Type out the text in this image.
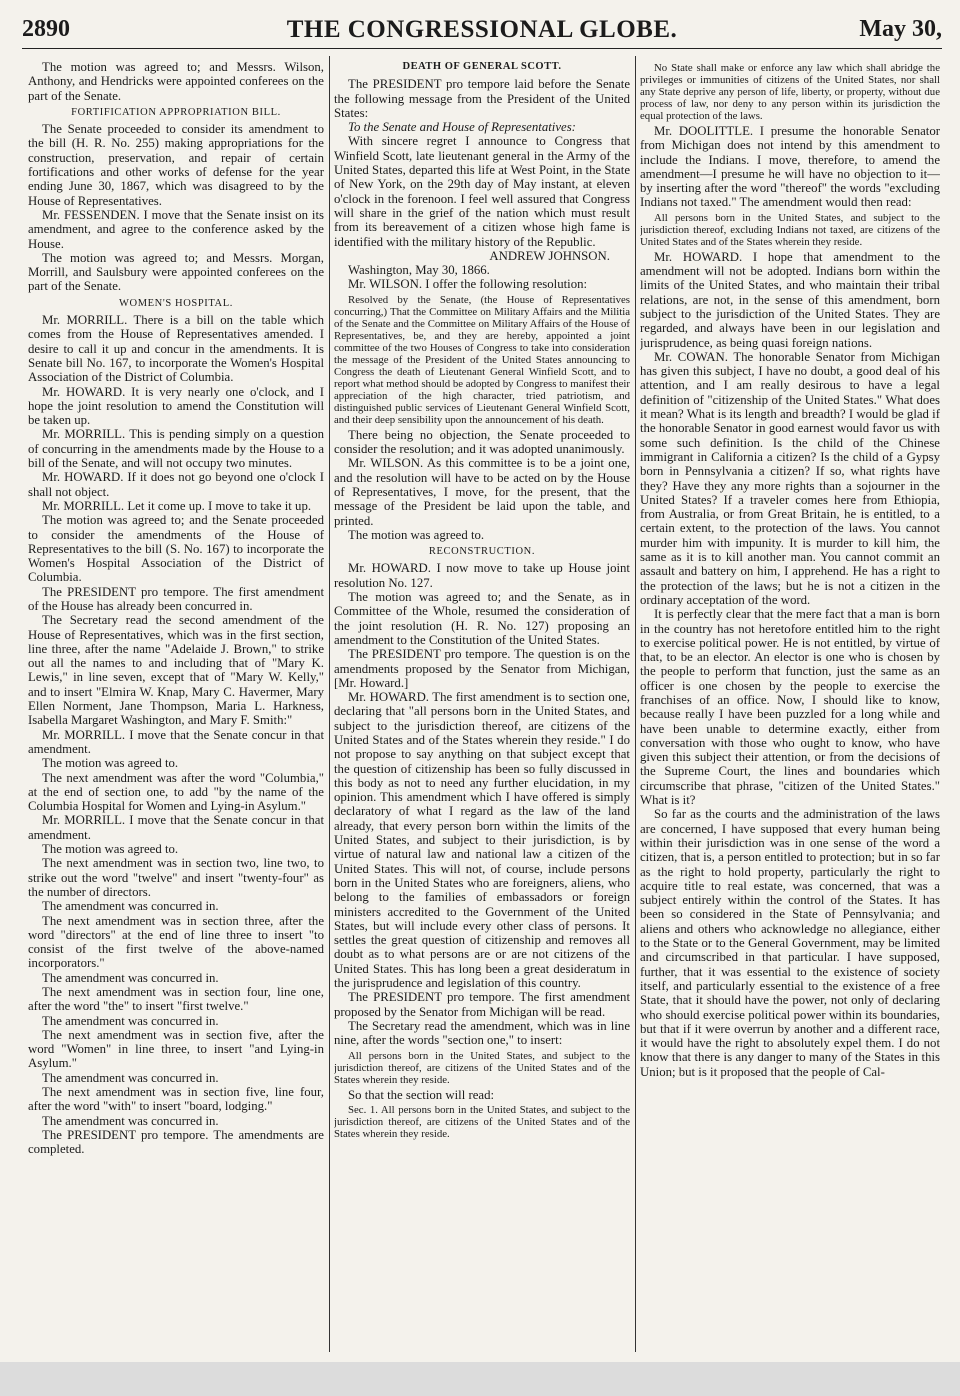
2890	THE CONGRESSIONAL GLOBE.	May 30,

The motion was agreed to; and Messrs. Wilson, Anthony, and Hendricks were appointed conferees on the part of the Senate.

FORTIFICATION APPROPRIATION BILL.

The Senate proceeded to consider its amendment to the bill (H. R. No. 255) making appropriations for the construction, preservation, and repair of certain fortifications and other works of defense for the year ending June 30, 1867, which was disagreed to by the House of Representatives.

Mr. FESSENDEN. I move that the Senate insist on its amendment, and agree to the conference asked by the House.

The motion was agreed to; and Messrs. Morgan, Morrill, and Saulsbury were appointed conferees on the part of the Senate.

WOMEN'S HOSPITAL.

Mr. MORRILL. There is a bill on the table which comes from the House of Representatives amended. I desire to call it up and concur in the amendments. It is Senate bill No. 167, to incorporate the Women's Hospital Association of the District of Columbia.

Mr. HOWARD. It is very nearly one o'clock, and I hope the joint resolution to amend the Constitution will be taken up.

Mr. MORRILL. This is pending simply on a question of concurring in the amendments made by the House to a bill of the Senate, and will not occupy two minutes.

Mr. HOWARD. If it does not go beyond one o'clock I shall not object.

Mr. MORRILL. Let it come up. I move to take it up.

The motion was agreed to; and the Senate proceeded to consider the amendments of the House of Representatives to the bill (S. No. 167) to incorporate the Women's Hospital Association of the District of Columbia.

The PRESIDENT pro tempore. The first amendment of the House has already been concurred in.

The Secretary read the second amendment of the House of Representatives, which was in the first section, line three, after the name "Adelaide J. Brown," to strike out all the names to and including that of "Mary K. Lewis," in line seven, except that of "Mary W. Kelly," and to insert "Elmira W. Knap, Mary C. Havermer, Mary Ellen Norment, Jane Thompson, Maria L. Harkness, Isabella Margaret Washington, and Mary F. Smith:"

Mr. MORRILL. I move that the Senate concur in that amendment.

The motion was agreed to.

The next amendment was after the word "Columbia," at the end of section one, to add "by the name of the Columbia Hospital for Women and Lying-in Asylum."

Mr. MORRILL. I move that the Senate concur in that amendment.

The motion was agreed to.

The next amendment was in section two, line two, to strike out the word "twelve" and insert "twenty-four" as the number of directors.

The amendment was concurred in.

The next amendment was in section three, after the word "directors" at the end of line three to insert "to consist of the first twelve of the above-named incorporators."

The amendment was concurred in.

The next amendment was in section four, line one, after the word "the" to insert "first twelve."

The amendment was concurred in.

The next amendment was in section five, after the word "Women" in line three, to insert "and Lying-in Asylum."

The amendment was concurred in.

The next amendment was in section five, line four, after the word "with" to insert "board, lodging."

The amendment was concurred in.

The PRESIDENT pro tempore. The amendments are completed.

DEATH OF GENERAL SCOTT.

The PRESIDENT pro tempore laid before the Senate the following message from the President of the United States:

To the Senate and House of Representatives:

With sincere regret I announce to Congress that Winfield Scott, late lieutenant general in the Army of the United States, departed this life at West Point, in the State of New York, on the 29th day of May instant, at eleven o'clock in the forenoon. I feel well assured that Congress will share in the grief of the nation which must result from its bereavement of a citizen whose high fame is identified with the military history of the Republic.

ANDREW JOHNSON.

Washington, May 30, 1866.

Mr. WILSON. I offer the following resolution:

Resolved by the Senate, (the House of Representatives concurring,) That the Committee on Military Affairs and the Militia of the Senate and the Committee on Military Affairs of the House of Representatives, be, and they are hereby, appointed a joint committee of the two Houses of Congress to take into consideration the message of the President of the United States announcing to Congress the death of Lieutenant General Winfield Scott, and to report what method should be adopted by Congress to manifest their appreciation of the high character, tried patriotism, and distinguished public services of Lieutenant General Winfield Scott, and their deep sensibility upon the announcement of his death.

There being no objection, the Senate proceeded to consider the resolution; and it was adopted unanimously.

Mr. WILSON. As this committee is to be a joint one, and the resolution will have to be acted on by the House of Representatives, I move, for the present, that the message of the President be laid upon the table, and printed.

The motion was agreed to.

RECONSTRUCTION.

Mr. HOWARD. I now move to take up House joint resolution No. 127.

The motion was agreed to; and the Senate, as in Committee of the Whole, resumed the consideration of the joint resolution (H. R. No. 127) proposing an amendment to the Constitution of the United States.

The PRESIDENT pro tempore. The question is on the amendments proposed by the Senator from Michigan, [Mr. Howard.]

Mr. HOWARD. The first amendment is to section one, declaring that "all persons born in the United States, and subject to the jurisdiction thereof, are citizens of the United States and of the States wherein they reside." I do not propose to say anything on that subject except that the question of citizenship has been so fully discussed in this body as not to need any further elucidation, in my opinion. This amendment which I have offered is simply declaratory of what I regard as the law of the land already, that every person born within the limits of the United States, and subject to their jurisdiction, is by virtue of natural law and national law a citizen of the United States. This will not, of course, include persons born in the United States who are foreigners, aliens, who belong to the families of embassadors or foreign ministers accredited to the Government of the United States, but will include every other class of persons. It settles the great question of citizenship and removes all doubt as to what persons are or are not citizens of the United States. This has long been a great desideratum in the jurisprudence and legislation of this country.

The PRESIDENT pro tempore. The first amendment proposed by the Senator from Michigan will be read.

The Secretary read the amendment, which was in line nine, after the words "section one," to insert:

All persons born in the United States, and subject to the jurisdiction thereof, are citizens of the United States and of the States wherein they reside.

So that the section will read:

Sec. 1. All persons born in the United States, and subject to the jurisdiction thereof, are citizens of the United States and of the States wherein they reside.

No State shall make or enforce any law which shall abridge the privileges or immunities of citizens of the United States, nor shall any State deprive any person of life, liberty, or property, without due process of law, nor deny to any person within its jurisdiction the equal protection of the laws.

Mr. DOOLITTLE. I presume the honorable Senator from Michigan does not intend by this amendment to include the Indians. I move, therefore, to amend the amendment—I presume he will have no objection to it—by inserting after the word "thereof" the words "excluding Indians not taxed." The amendment would then read:

All persons born in the United States, and subject to the jurisdiction thereof, excluding Indians not taxed, are citizens of the United States and of the States wherein they reside.

Mr. HOWARD. I hope that amendment to the amendment will not be adopted. Indians born within the limits of the United States, and who maintain their tribal relations, are not, in the sense of this amendment, born subject to the jurisdiction of the United States. They are regarded, and always have been in our legislation and jurisprudence, as being quasi foreign nations.

Mr. COWAN. The honorable Senator from Michigan has given this subject, I have no doubt, a good deal of his attention, and I am really desirous to have a legal definition of "citizenship of the United States." What does it mean? What is its length and breadth? I would be glad if the honorable Senator in good earnest would favor us with some such definition. Is the child of the Chinese immigrant in California a citizen? Is the child of a Gypsy born in Pennsylvania a citizen? If so, what rights have they? Have they any more rights than a sojourner in the United States? If a traveler comes here from Ethiopia, from Australia, or from Great Britain, he is entitled, to a certain extent, to the protection of the laws. You cannot murder him with impunity. It is murder to kill him, the same as it is to kill another man. You cannot commit an assault and battery on him, I apprehend. He has a right to the protection of the laws; but he is not a citizen in the ordinary acceptation of the word.

It is perfectly clear that the mere fact that a man is born in the country has not heretofore entitled him to the right to exercise political power. He is not entitled, by virtue of that, to be an elector. An elector is one who is chosen by the people to perform that function, just the same as an officer is one chosen by the people to exercise the franchises of an office. Now, I should like to know, because really I have been puzzled for a long while and have been unable to determine exactly, either from conversation with those who ought to know, who have given this subject their attention, or from the decisions of the Supreme Court, the lines and boundaries which circumscribe that phrase, "citizen of the United States." What is it?

So far as the courts and the administration of the laws are concerned, I have supposed that every human being within their jurisdiction was in one sense of the word a citizen, that is, a person entitled to protection; but in so far as the right to hold property, particularly the right to acquire title to real estate, was concerned, that was a subject entirely within the control of the States. It has been so considered in the State of Pennsylvania; and aliens and others who acknowledge no allegiance, either to the State or to the General Government, may be limited and circumscribed in that particular. I have supposed, further, that it was essential to the existence of society itself, and particularly essential to the existence of a free State, that it should have the power, not only of declaring who should exercise political power within its boundaries, but that if it were overrun by another and a different race, it would have the right to absolutely expel them. I do not know that there is any danger to many of the States in this Union; but is it proposed that the people of Cal-
